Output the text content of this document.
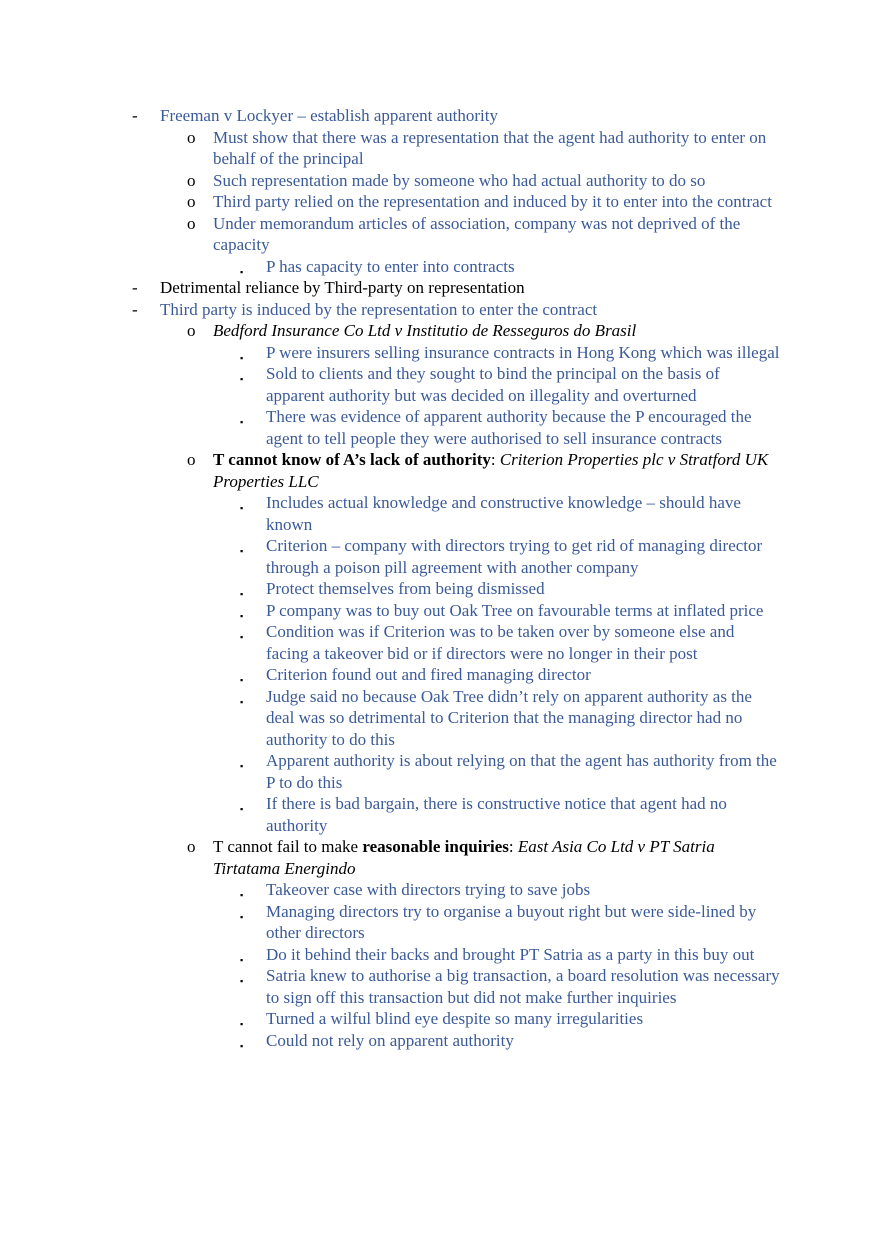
- Freeman v Lockyer – establish apparent authority
o Must show that there was a representation that the agent had authority to enter on behalf of the principal
o Such representation made by someone who had actual authority to do so
o Third party relied on the representation and induced by it to enter into the contract
o Under memorandum articles of association, company was not deprived of the capacity
▪ P has capacity to enter into contracts
- Detrimental reliance by Third-party on representation
- Third party is induced by the representation to enter the contract
o Bedford Insurance Co Ltd v Institutio de Resseguros do Brasil
▪ P were insurers selling insurance contracts in Hong Kong which was illegal
▪ Sold to clients and they sought to bind the principal on the basis of apparent authority but was decided on illegality and overturned
▪ There was evidence of apparent authority because the P encouraged the agent to tell people they were authorised to sell insurance contracts
o T cannot know of A’s lack of authority: Criterion Properties plc v Stratford UK Properties LLC
▪ Includes actual knowledge and constructive knowledge – should have known
▪ Criterion – company with directors trying to get rid of managing director through a poison pill agreement with another company
▪ Protect themselves from being dismissed
▪ P company was to buy out Oak Tree on favourable terms at inflated price
▪ Condition was if Criterion was to be taken over by someone else and facing a takeover bid or if directors were no longer in their post
▪ Criterion found out and fired managing director
▪ Judge said no because Oak Tree didn’t rely on apparent authority as the deal was so detrimental to Criterion that the managing director had no authority to do this
▪ Apparent authority is about relying on that the agent has authority from the P to do this
▪ If there is bad bargain, there is constructive notice that agent had no authority
o T cannot fail to make reasonable inquiries: East Asia Co Ltd v PT Satria Tirtatama Energindo
▪ Takeover case with directors trying to save jobs
▪ Managing directors try to organise a buyout right but were side-lined by other directors
▪ Do it behind their backs and brought PT Satria as a party in this buy out
▪ Satria knew to authorise a big transaction, a board resolution was necessary to sign off this transaction but did not make further inquiries
▪ Turned a wilful blind eye despite so many irregularities
▪ Could not rely on apparent authority
